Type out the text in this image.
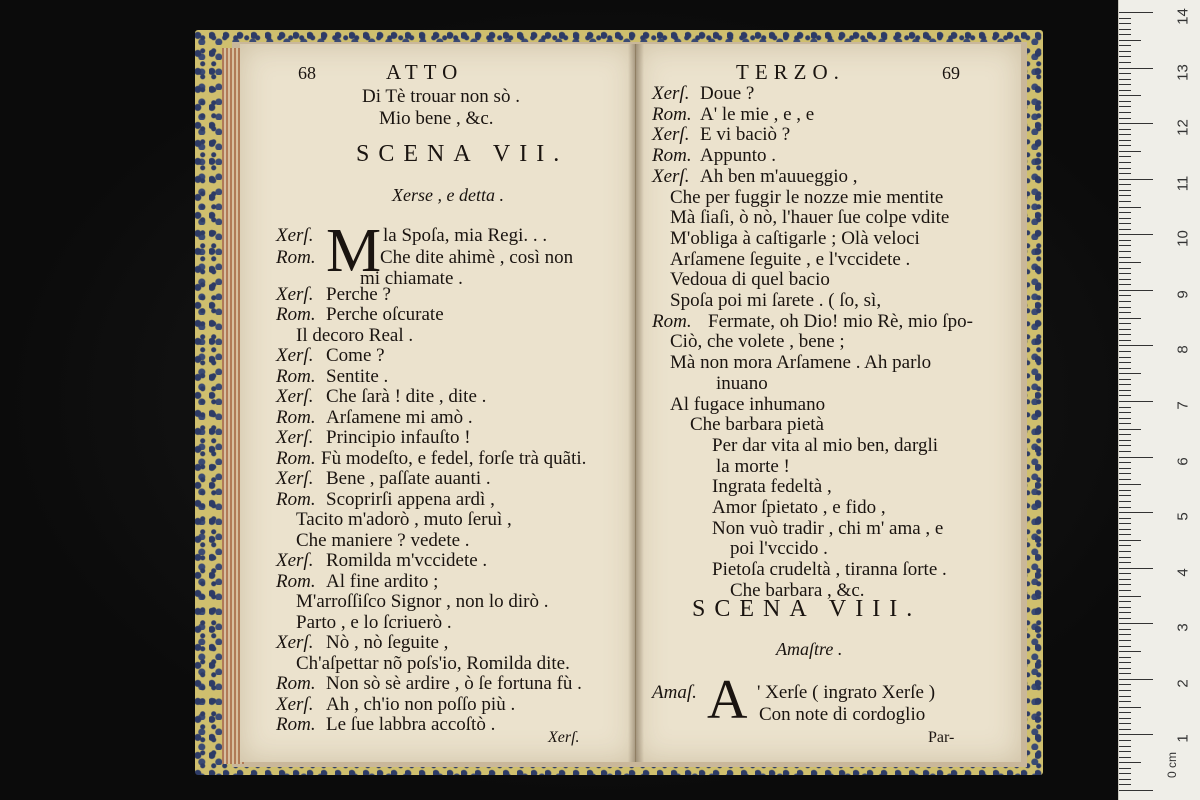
0 cm
14
13
12
11
10
9
8
7
6
5
4
3
2
1
68	ATTO
Di Tè trouar non sò .
Mio bene , &c.
SCENA VII.
Xerse , e detta .
M
Xerſ.	la Spoſa, mia Regi. . .
Rom.	Che dite ahimè , così non
mi chiamate .
Xerſ. Perche ?
Rom. Perche oſcurate
Il decoro Real .
Xerſ. Come ?
Rom. Sentite .
Xerſ. Che ſarà ! dite , dite .
Rom. Arſamene mi amò .
Xerſ. Principio infauſto !
Rom. Fù modeſto, e fedel, forſe trà quãti.
Xerſ. Bene , paſſate auanti .
Rom. Scoprirſi appena ardì ,
Tacito m'adorò , muto ſeruì ,
Che maniere ? vedete .
Xerſ. Romilda m'vccidete .
Rom. Al fine ardito ;
M'arroſſiſco Signor , non lo dirò .
Parto , e lo ſcriuerò .
Xerſ. Nò , nò ſeguite ,
Ch'aſpettar nõ poſs'io, Romilda dite.
Rom. Non sò sè ardire , ò ſe fortuna fù .
Xerſ. Ah , ch'io non poſſo più .
Rom. Le ſue labbra accoſtò .
Xerſ.
TERZO.	69
Xerſ. Doue ?
Rom. A' le mie , e , e
Xerſ. E vi baciò ?
Rom. Appunto .
Xerſ. Ah ben m'auueggio ,
Che per fuggir le nozze mie mentite
Mà ſiaſi, ò nò, l'hauer ſue colpe vdite
M'obliga à caſtigarle ; Olà veloci
Arſamene ſeguite , e l'vccidete .
Vedoua di quel bacio
Spoſa poi mi ſarete . ( ſo, sì,
Rom. Fermate, oh Dio! mio Rè, mio ſpo-
Ciò, che volete , bene ;
Mà non mora Arſamene . Ah parlo
inuano
Al fugace inhumano
Che barbara pietà
Per dar vita al mio ben, dargli
la morte !
Ingrata fedeltà ,
Amor ſpietato , e fido ,
Non vuò tradir , chi m' ama , e
poi l'vccido .
Pietoſa crudeltà , tiranna ſorte .
Che barbara , &c.
SCENA VIII.
Amaſtre .
Amaſ. A ' Xerſe ( ingrato Xerſe )
Con note di cordoglio
Par-
